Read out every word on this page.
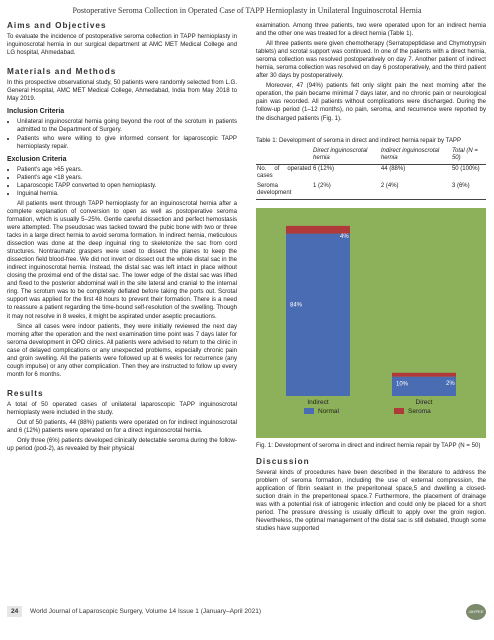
Postoperative Seroma Collection in Operated Case of TAPP Hernioplasty in Unilateral Inguinoscrotal Hernia
Aims and Objectives

To evaluate the incidence of postoperative seroma collection in TAPP hernioplasty in inguinoscrotal hernia in our surgical department at AMC MET Medical College and LG hospital, Ahmedabad.

Materials and Methods

In this prospective observational study, 50 patients were randomly selected from L.G. General Hospital, AMC MET Medical College, Ahmedabad, India from May 2018 to May 2019.

Inclusion Criteria
• Unilateral inguinoscrotal hernia going beyond the root of the scrotum in patients admitted to the Department of Surgery.
• Patients who were willing to give informed consent for laparoscopic TAPP hernioplasty repair.
Exclusion Criteria
• Patient's age >65 years.
• Patient's age <18 years.
• Laparoscopic TAPP converted to open hernioplasty.
• Inguinal hernia.

All patients went through TAPP hernioplasty for an inguinoscrotal hernia after a complete explanation of conversion to open as well as postoperative seroma formation, which is usually 5–25%. Gentle careful dissection and perfect hemostasis were attempted. The pseudosac was tacked toward the pubic bone with two or three tacks in a large direct hernia to avoid seroma formation. In indirect hernia, meticulous dissection was done at the deep inguinal ring to skeletonize the sac from cord structures. Nontraumatic graspers were used to dissect the planes to keep the dissection field blood-free. We did not invert or dissect out the whole distal sac in the indirect inguinoscrotal hernia. Instead, the distal sac was left intact in place without closing the proximal end of the distal sac. The lower edge of the distal sac was lifted and fixed to the posterior abdominal wall in the site lateral and cranial to the internal ring. The scrotum was to be completely deflated before taking the ports out. Scrotal support was applied for the first 48 hours to prevent their formation. There is a need to reassure a patient regarding the time-bound self-resolution of the swelling. Though it may not resolve in 8 weeks, it might be aspirated under aseptic precautions.

Since all cases were indoor patients, they were initially reviewed the next day morning after the operation and the next examination time point was 7 days later for seroma development in OPD clinics. All patients were advised to return to the clinic in case of delayed complications or any unexpected problems, especially chronic pain and groin swelling. All the patients were followed up at 6 weeks for recurrence (any cough impulse) or any other complication. Then they are instructed to follow up every month for 6 months.

Results

A total of 50 operated cases of unilateral laparoscopic TAPP inguinoscrotal hernioplasty were included in the study.

Out of 50 patients, 44 (88%) patients were operated on for indirect inguinoscrotal and 6 (12%) patients were operated on for a direct inguinoscrotal hernia.

Only three (6%) patients developed clinically detectable seroma during the follow-up period (pod-2), as revealed by their physical

examination. Among three patients, two were operated upon for an indirect hernia and the other one was treated for a direct hernia (Table 1).

All three patients were given chemotherapy (Serratopeptidase and Chymotrypsin tablets) and scrotal support was continued. In one of the patients with a direct hernia, seroma collection was resolved postoperatively on day 7. Another patient of indirect hernia, seroma collection was resolved on day 6 postoperatively, and the third patient after 30 days by postoperatively.

Moreover, 47 (94%) patients felt only slight pain the next morning after the operation, the pain became minimal 7 days later, and no chronic pain or neurological pain was recorded. All patients without complications were discharged. During the follow-up period (1–12 months), no pain, seroma, and recurrence were reported by the discharged patients (Fig. 1).

Table 1: Development of seroma in direct and indirect hernia repair by TAPP
	Direct inguinoscrotal hernia	Indirect inguinoscrotal hernia	Total (N = 50)
No. of operated cases	6 (12%)	44 (88%)	50 (100%)
Seroma development	1 (2%)	2 (4%)	3 (6%)
84%
4%
Indirect
10%	2%
Direct
Normal	Seroma
Fig. 1: Development of seroma in direct and indirect hernia repair by TAPP (N = 50)
Discussion

Several kinds of procedures have been described in the literature to address the problem of seroma formation, including the use of external compression, the application of fibrin sealant in the preperitoneal space,5 and dwelling a closed-suction drain in the preperitoneal space.7 Furthermore, the placement of drainage was with a potential risk of iatrogenic infection and could only be placed for a short period. The pressure dressing is usually difficult to apply over the groin region. Nevertheless, the optimal management of the distal sac is still debated, though some studies have supported

24 World Journal of Laparoscopic Surgery, Volume 14 Issue 1 (January–April 2021)	JAYPEE
